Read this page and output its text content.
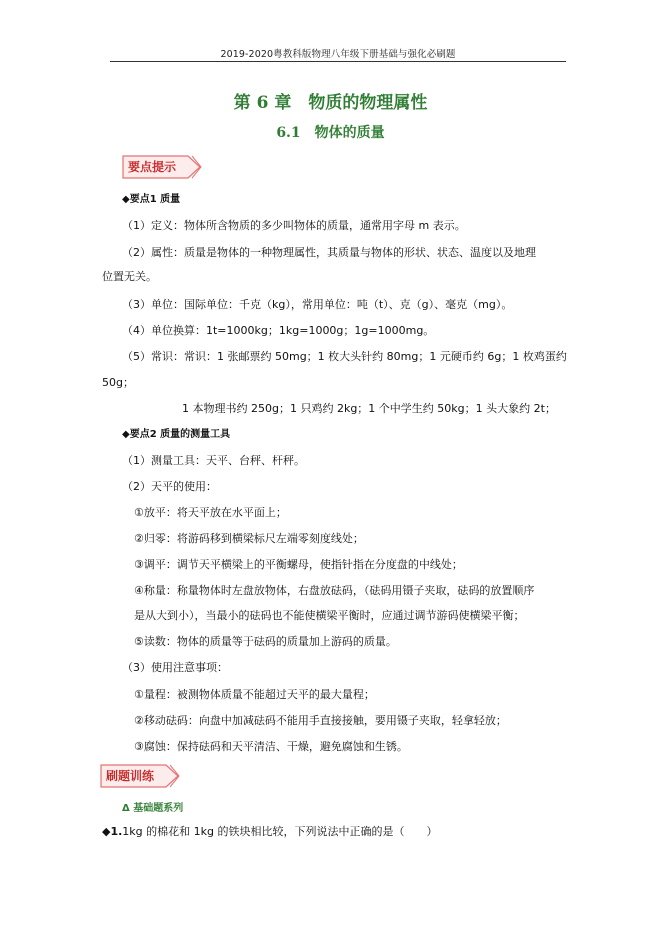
2019-2020粤教科版物理八年级下册基础与强化必刷题
第 6 章　物质的物理属性
6.1　物体的质量
要点提示
◆要点1 质量
（1）定义：物体所含物质的多少叫物体的质量，通常用字母 m 表示。
（2）属性：质量是物体的一种物理属性，其质量与物体的形状、状态、温度以及地理
位置无关。
（3）单位：国际单位：千克（kg），常用单位：吨（t）、克（g）、毫克（mg）。
（4）单位换算：1t=1000kg；1kg=1000g；1g=1000mg。
（5）常识：常识：1 张邮票约 50mg；1 枚大头针约 80mg；1 元硬币约 6g；1 枚鸡蛋约
50g；
1 本物理书约 250g；1 只鸡约 2kg；1 个中学生约 50kg；1 头大象约 2t；
◆要点2 质量的测量工具
（1）测量工具：天平、台秤、杆秤。
（2）天平的使用：
①放平：将天平放在水平面上；
②归零：将游码移到横梁标尺左端零刻度线处；
③调平：调节天平横梁上的平衡螺母，使指针指在分度盘的中线处；
④称量：称量物体时左盘放物体，右盘放砝码，（砝码用镊子夹取，砝码的放置顺序
是从大到小），当最小的砝码也不能使横梁平衡时，应通过调节游码使横梁平衡；
⑤读数：物体的质量等于砝码的质量加上游码的质量。
（3）使用注意事项：
①量程：被测物体质量不能超过天平的最大量程；
②移动砝码：向盘中加减砝码不能用手直接接触，要用镊子夹取，轻拿轻放；
③腐蚀：保持砝码和天平清洁、干燥，避免腐蚀和生锈。
刷题训练
Δ 基础题系列
◆1.1kg 的棉花和 1kg 的铁块相比较，下列说法中正确的是（　　）
